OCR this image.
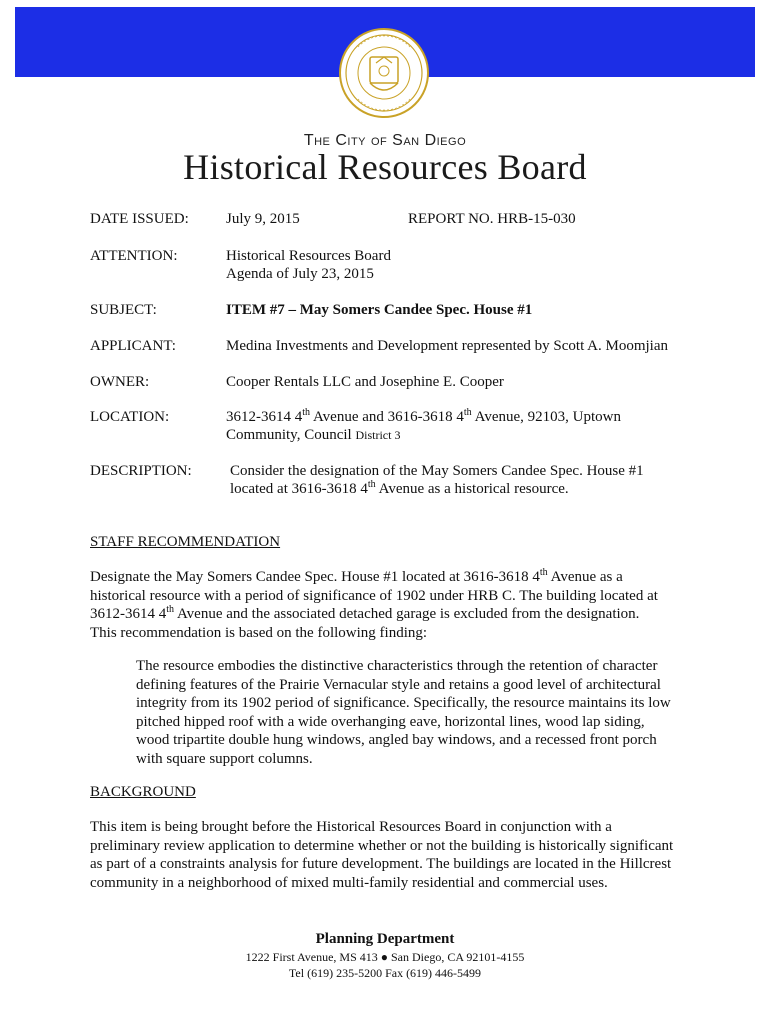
The City of San Diego
Historical Resources Board
DATE ISSUED: July 9, 2015	REPORT NO. HRB-15-030
ATTENTION:	Historical Resources Board
Agenda of July 23, 2015
SUBJECT:	ITEM #7 – May Somers Candee Spec. House #1
APPLICANT:	Medina Investments and Development represented by Scott A. Moomjian
OWNER:	Cooper Rentals LLC and Josephine E. Cooper
LOCATION:	3612-3614 4th Avenue and 3616-3618 4th Avenue, 92103, Uptown
Community, Council District 3
DESCRIPTION:	Consider the designation of the May Somers Candee Spec. House #1
located at 3616-3618 4th Avenue as a historical resource.
STAFF RECOMMENDATION
Designate the May Somers Candee Spec. House #1 located at 3616-3618 4th Avenue as a
historical resource with a period of significance of 1902 under HRB C. The building located at
3612-3614 4th Avenue and the associated detached garage is excluded from the designation.
This recommendation is based on the following finding:
The resource embodies the distinctive characteristics through the retention of character
defining features of the Prairie Vernacular style and retains a good level of architectural
integrity from its 1902 period of significance. Specifically, the resource maintains its low
pitched hipped roof with a wide overhanging eave, horizontal lines, wood lap siding,
wood tripartite double hung windows, angled bay windows, and a recessed front porch
with square support columns.
BACKGROUND
This item is being brought before the Historical Resources Board in conjunction with a
preliminary review application to determine whether or not the building is historically significant
as part of a constraints analysis for future development. The buildings are located in the Hillcrest
community in a neighborhood of mixed multi-family residential and commercial uses.
Planning Department
1222 First Avenue, MS 413 ● San Diego, CA 92101-4155
Tel (619) 235-5200 Fax (619) 446-5499
